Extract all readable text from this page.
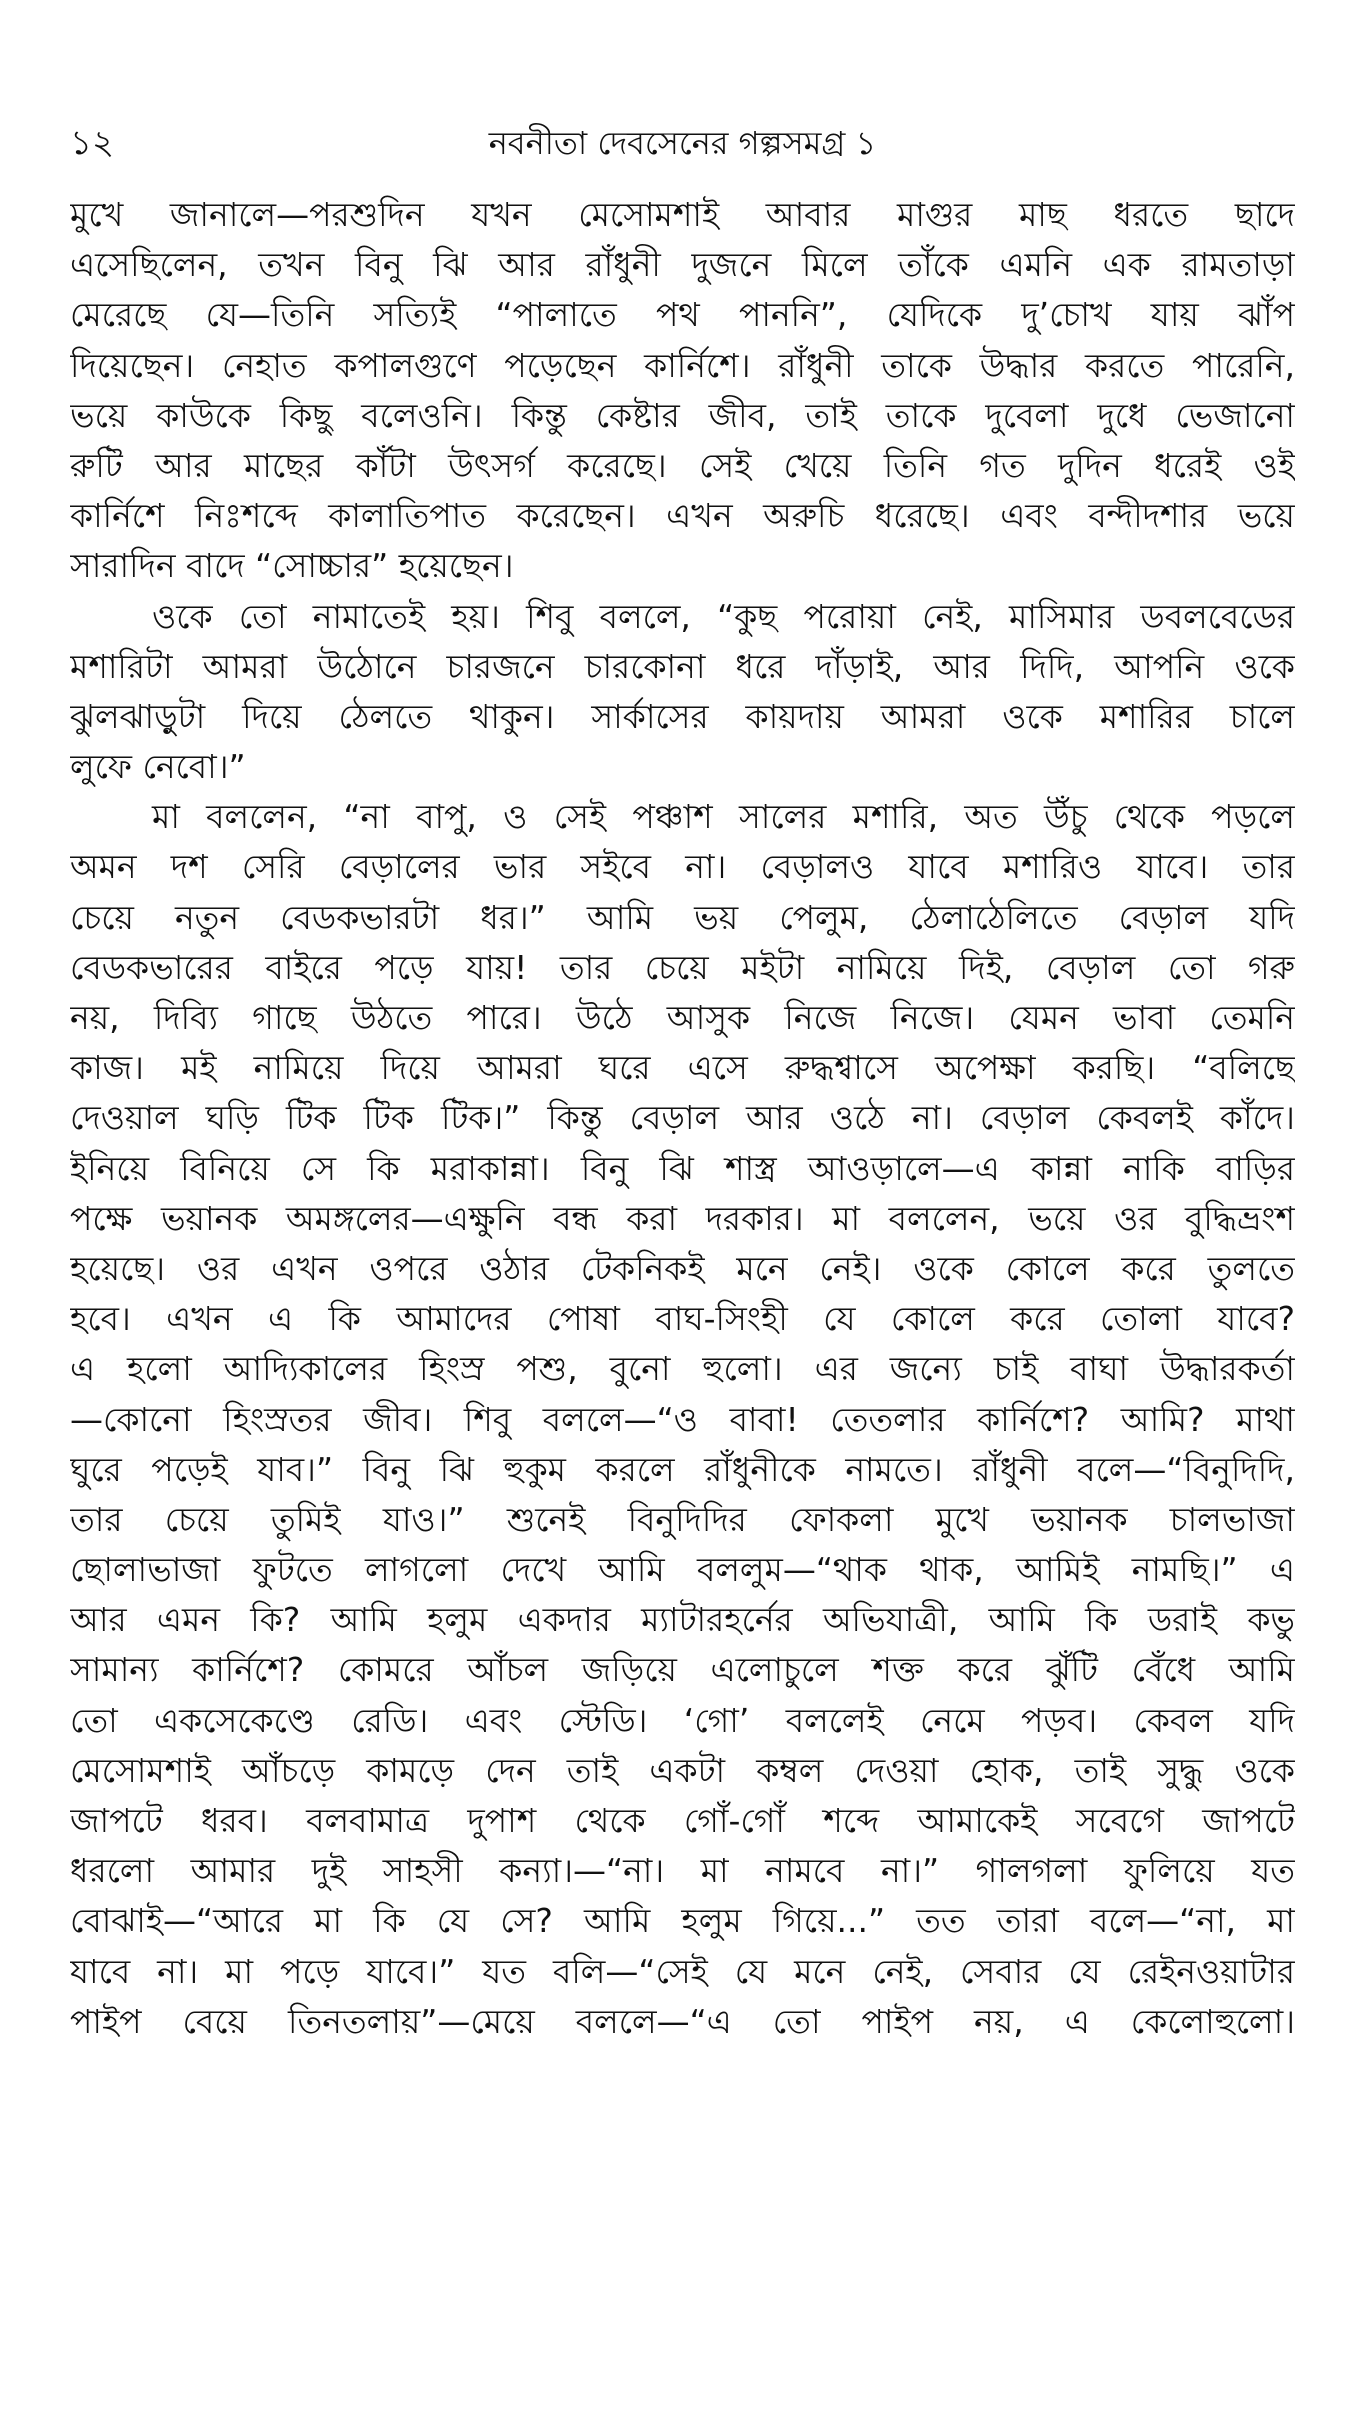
১২	নবনীতা দেবসেনের গল্পসমগ্র ১
মুখে জানালে—পরশুদিন যখন মেসোমশাই আবার মাগুর মাছ ধরতে ছাদে
এসেছিলেন, তখন বিনু ঝি আর রাঁধুনী দুজনে মিলে তাঁকে এমনি এক রামতাড়া
মেরেছে যে—তিনি সত্যিই “পালাতে পথ পাননি”, যেদিকে দু’চোখ যায় ঝাঁপ
দিয়েছেন। নেহাত কপালগুণে পড়েছেন কার্নিশে। রাঁধুনী তাকে উদ্ধার করতে পারেনি,
ভয়ে কাউকে কিছু বলেওনি। কিন্তু কেষ্টার জীব, তাই তাকে দুবেলা দুধে ভেজানো
রুটি আর মাছের কাঁটা উৎসর্গ করেছে। সেই খেয়ে তিনি গত দুদিন ধরেই ওই
কার্নিশে নিঃশব্দে কালাতিপাত করেছেন। এখন অরুচি ধরেছে। এবং বন্দীদশার ভয়ে
সারাদিন বাদে “সোচ্চার” হয়েছেন।
ওকে তো নামাতেই হয়। শিবু বললে, “কুছ পরোয়া নেই, মাসিমার ডবলবেডের
মশারিটা আমরা উঠোনে চারজনে চারকোনা ধরে দাঁড়াই, আর দিদি, আপনি ওকে
ঝুলঝাড়ুটা দিয়ে ঠেলতে থাকুন। সার্কাসের কায়দায় আমরা ওকে মশারির চালে
লুফে নেবো।”
মা বললেন, “না বাপু, ও সেই পঞ্চাশ সালের মশারি, অত উঁচু থেকে পড়লে
অমন দশ সেরি বেড়ালের ভার সইবে না। বেড়ালও যাবে মশারিও যাবে। তার
চেয়ে নতুন বেডকভারটা ধর।” আমি ভয় পেলুম, ঠেলাঠেলিতে বেড়াল যদি
বেডকভারের বাইরে পড়ে যায়! তার চেয়ে মইটা নামিয়ে দিই, বেড়াল তো গরু
নয়, দিব্যি গাছে উঠতে পারে। উঠে আসুক নিজে নিজে। যেমন ভাবা তেমনি
কাজ। মই নামিয়ে দিয়ে আমরা ঘরে এসে রুদ্ধশ্বাসে অপেক্ষা করছি। “বলিছে
দেওয়াল ঘড়ি টিক টিক টিক।” কিন্তু বেড়াল আর ওঠে না। বেড়াল কেবলই কাঁদে।
ইনিয়ে বিনিয়ে সে কি মরাকান্না। বিনু ঝি শাস্ত্র আওড়ালে—এ কান্না নাকি বাড়ির
পক্ষে ভয়ানক অমঙ্গলের—এক্ষুনি বন্ধ করা দরকার। মা বললেন, ভয়ে ওর বুদ্ধিভ্রংশ
হয়েছে। ওর এখন ওপরে ওঠার টেকনিকই মনে নেই। ওকে কোলে করে তুলতে
হবে। এখন এ কি আমাদের পোষা বাঘ-সিংহী যে কোলে করে তোলা যাবে?
এ হলো আদ্যিকালের হিংস্র পশু, বুনো হুলো। এর জন্যে চাই বাঘা উদ্ধারকর্তা
—কোনো হিংস্রতর জীব। শিবু বললে—“ও বাবা! তেতলার কার্নিশে? আমি? মাথা
ঘুরে পড়েই যাব।” বিনু ঝি হুকুম করলে রাঁধুনীকে নামতে। রাঁধুনী বলে—“বিনুদিদি,
তার চেয়ে তুমিই যাও।” শুনেই বিনুদিদির ফোকলা মুখে ভয়ানক চালভাজা
ছোলাভাজা ফুটতে লাগলো দেখে আমি বললুম—“থাক থাক, আমিই নামছি।” এ
আর এমন কি? আমি হলুম একদার ম্যাটারহর্নের অভিযাত্রী, আমি কি ডরাই কভু
সামান্য কার্নিশে? কোমরে আঁচল জড়িয়ে এলোচুলে শক্ত করে ঝুঁটি বেঁধে আমি
তো একসেকেণ্ডে রেডি। এবং স্টেডি। ‘গো’ বললেই নেমে পড়ব। কেবল যদি
মেসোমশাই আঁচড়ে কামড়ে দেন তাই একটা কম্বল দেওয়া হোক, তাই সুদ্ধু ওকে
জাপটে ধরব। বলবামাত্র দুপাশ থেকে গোঁ-গোঁ শব্দে আমাকেই সবেগে জাপটে
ধরলো আমার দুই সাহসী কন্যা।—“না। মা নামবে না।” গালগলা ফুলিয়ে যত
বোঝাই—“আরে মা কি যে সে? আমি হলুম গিয়ে...” তত তারা বলে—“না, মা
যাবে না। মা পড়ে যাবে।” যত বলি—“সেই যে মনে নেই, সেবার যে রেইনওয়াটার
পাইপ বেয়ে তিনতলায়”—মেয়ে বললে—“এ তো পাইপ নয়, এ কেলোহুলো।
